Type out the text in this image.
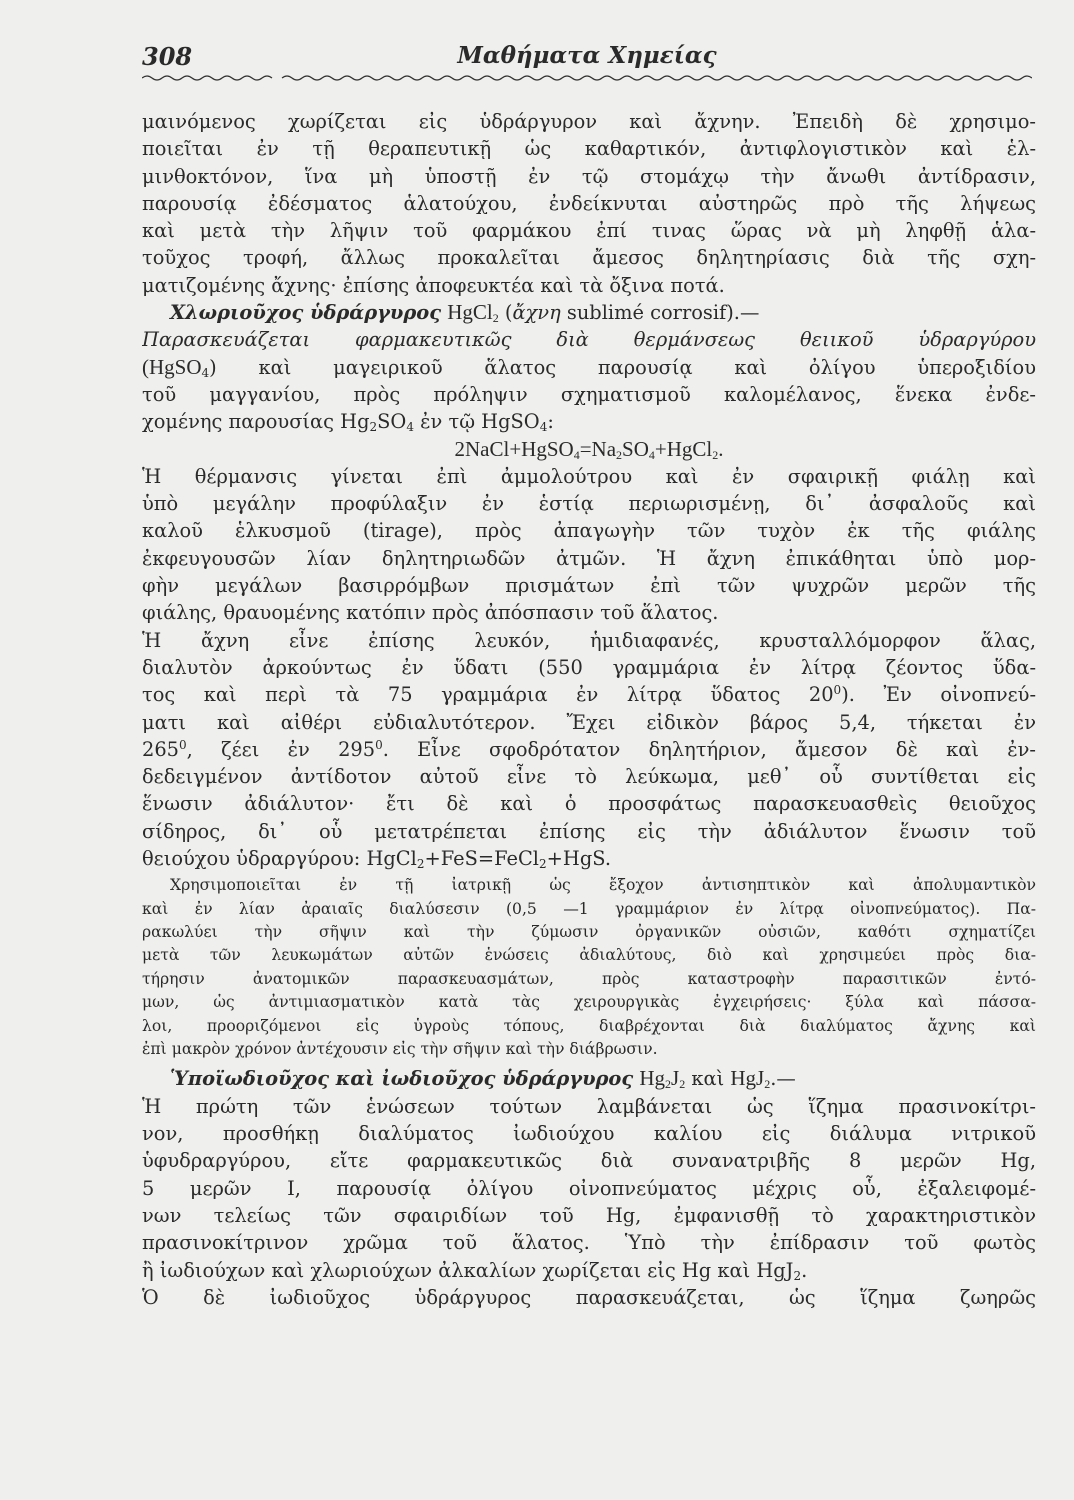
308	Μαθήματα Χημείας
μαινόμενος χωρίζεται εἰς ὑδράργυρον καὶ ἄχνην. Ἐπειδὴ δὲ χρησιμο-
ποιεῖται ἐν τῇ θεραπευτικῇ ὡς καθαρτικόν, ἀντιφλογιστικὸν καὶ ἑλ-
μινθοκτόνον, ἵνα μὴ ὑποστῇ ἐν τῷ στομάχῳ τὴν ἄνωθι ἀντίδρασιν,
παρουσίᾳ ἐδέσματος ἁλατούχου, ἐνδείκνυται αὐστηρῶς πρὸ τῆς λήψεως
καὶ μετὰ τὴν λῆψιν τοῦ φαρμάκου ἐπί τινας ὥρας νὰ μὴ ληφθῇ ἁλα-
τοῦχος τροφή, ἄλλως προκαλεῖται ἄμεσος δηλητηρίασις διὰ τῆς σχη-
ματιζομένης ἄχνης· ἐπίσης ἀποφευκτέα καὶ τὰ ὄξινα ποτά.
Χλωριοῦχος ὑδράργυρος HgCl$_2$ (ἄχνη sublimé corrosif).—
Παρασκευάζεται φαρμακευτικῶς διὰ θερμάνσεως θειικοῦ ὑδραργύρου
(HgSO$_4$) καὶ μαγειρικοῦ ἅλατος παρουσίᾳ καὶ ὀλίγου ὑπεροξιδίου
τοῦ μαγγανίου, πρὸς πρόληψιν σχηματισμοῦ καλομέλανος, ἕνεκα ἐνδε-
χομένης παρουσίας $Hg_2SO_4$ ἐν τῷ HgSO$_4$:
$2NaCl+HgSO_4=Na_2SO_4+HgCl_2$.
Ἡ θέρμανσις γίνεται ἐπὶ ἀμμολούτρου καὶ ἐν σφαιρικῇ φιάλῃ καὶ
ὑπὸ μεγάλην προφύλαξιν ἐν ἑστίᾳ περιωρισμένῃ, δι᾽ ἀσφαλοῦς καὶ
καλοῦ ἑλκυσμοῦ (tirage), πρὸς ἀπαγωγὴν τῶν τυχὸν ἐκ τῆς φιάλης
ἐκφευγουσῶν λίαν δηλητηριωδῶν ἀτμῶν. Ἡ ἄχνη ἐπικάθηται ὑπὸ μορ-
φὴν μεγάλων βασιρρόμβων πρισμάτων ἐπὶ τῶν ψυχρῶν μερῶν τῆς
φιάλης, θραυομένης κατόπιν πρὸς ἀπόσπασιν τοῦ ἅλατος.
Ἡ ἄχνη εἶνε ἐπίσης λευκόν, ἡμιδιαφανές, κρυσταλλόμορφον ἅλας,
διαλυτὸν ἀρκούντως ἐν ὕδατι (550 γραμμάρια ἐν λίτρᾳ ζέοντος ὕδα-
τος καὶ περὶ τὰ 75 γραμμάρια ἐν λίτρᾳ ὕδατος $20^0$). Ἐν οἰνοπνεύ-
ματι καὶ αἰθέρι εὐδιαλυτότερον. Ἔχει εἰδικὸν βάρος 5,4, τήκεται ἐν
$265^0$, ζέει ἐν $295^0$. Εἶνε σφοδρότατον δηλητήριον, ἄμεσον δὲ καὶ ἐν-
δεδειγμένον ἀντίδοτον αὐτοῦ εἶνε τὸ λεύκωμα, μεθ᾽ οὗ συντίθεται εἰς
ἕνωσιν ἀδιάλυτον· ἔτι δὲ καὶ ὁ προσφάτως παρασκευασθεὶς θειοῦχος
σίδηρος, δι᾽ οὗ μετατρέπεται ἐπίσης εἰς τὴν ἀδιάλυτον ἕνωσιν τοῦ
θειούχου ὑδραργύρου: HgCl$_2$+FeS=FeCl$_2$+HgS.
Χρησιμοποιεῖται ἐν τῇ ἰατρικῇ ὡς ἔξοχον ἀντισηπτικὸν καὶ ἀπολυμαντικὸν
καὶ ἐν λίαν ἀραιαῖς διαλύσεσιν (0,5 —1 γραμμάριον ἐν λίτρᾳ οἰνοπνεύματος). Πα-
ρακωλύει τὴν σῆψιν καὶ τὴν ζύμωσιν ὀργανικῶν οὐσιῶν, καθότι σχηματίζει
μετὰ τῶν λευκωμάτων αὐτῶν ἑνώσεις ἀδιαλύτους, διὸ καὶ χρησιμεύει πρὸς δια-
τήρησιν ἀνατομικῶν παρασκευασμάτων, πρὸς καταστροφὴν παρασιτικῶν ἐντό-
μων, ὡς ἀντιμιασματικὸν κατὰ τὰς χειρουργικὰς ἐγχειρήσεις· ξύλα καὶ πάσσα-
λοι, προοριζόμενοι εἰς ὑγροὺς τόπους, διαβρέχονται διὰ διαλύματος ἄχνης καὶ
ἐπὶ μακρὸν χρόνον ἀντέχουσιν εἰς τὴν σῆψιν καὶ τὴν διάβρωσιν.
Ὑποϊωδιοῦχος καὶ ἰωδιοῦχος ὑδράργυρος $Hg_2J_2$ καὶ HgJ$_2$.—
Ἡ πρώτη τῶν ἑνώσεων τούτων λαμβάνεται ὡς ἵζημα πρασινοκίτρι-
νον, προσθήκῃ διαλύματος ἰωδιούχου καλίου εἰς διάλυμα νιτρικοῦ
ὑφυδραργύρου, εἴτε φαρμακευτικῶς διὰ συνανατριβῆς 8 μερῶν Hg,
5 μερῶν I, παρουσίᾳ ὀλίγου οἰνοπνεύματος μέχρις οὗ, ἐξαλειφομέ-
νων τελείως τῶν σφαιριδίων τοῦ Hg, ἐμφανισθῇ τὸ χαρακτηριστικὸν
πρασινοκίτρινον χρῶμα τοῦ ἅλατος. Ὑπὸ τὴν ἐπίδρασιν τοῦ φωτὸς
ἢ ἰωδιούχων καὶ χλωριούχων ἀλκαλίων χωρίζεται εἰς Hg καὶ HgJ$_2$.
Ὁ δὲ ἰωδιοῦχος ὑδράργυρος παρασκευάζεται, ὡς ἵζημα ζωηρῶς
